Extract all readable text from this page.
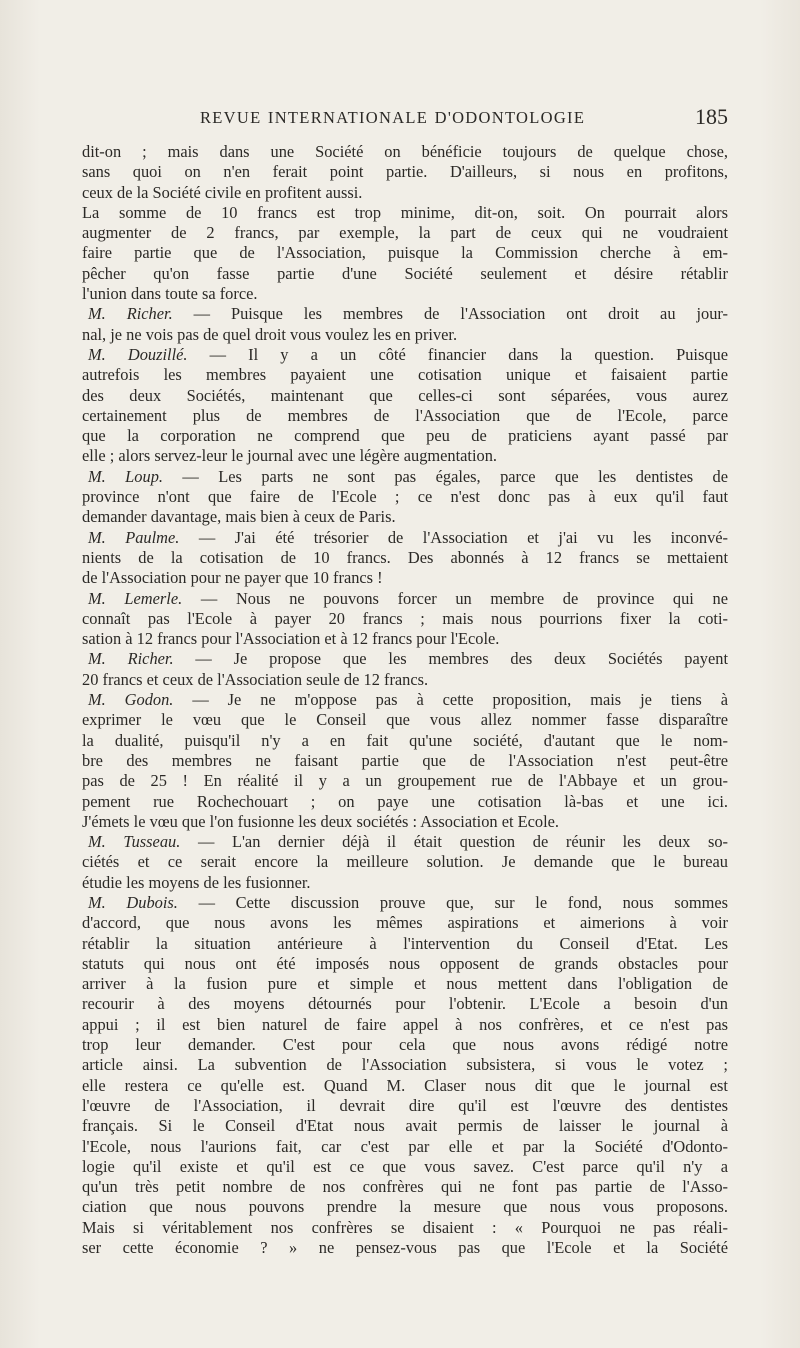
REVUE INTERNATIONALE D'ODONTOLOGIE	185
dit-on ; mais dans une Société on bénéficie toujours de quelque chose,
sans quoi on n'en ferait point partie. D'ailleurs, si nous en profitons,
ceux de la Société civile en profitent aussi.
La somme de 10 francs est trop minime, dit-on, soit. On pourrait alors
augmenter de 2 francs, par exemple, la part de ceux qui ne voudraient
faire partie que de l'Association, puisque la Commission cherche à em-
pêcher qu'on fasse partie d'une Société seulement et désire rétablir
l'union dans toute sa force.
M. Richer. — Puisque les membres de l'Association ont droit au jour-
nal, je ne vois pas de quel droit vous voulez les en priver.
M. Douzillé. — Il y a un côté financier dans la question. Puisque
autrefois les membres payaient une cotisation unique et faisaient partie
des deux Sociétés, maintenant que celles-ci sont séparées, vous aurez
certainement plus de membres de l'Association que de l'Ecole, parce
que la corporation ne comprend que peu de praticiens ayant passé par
elle ; alors servez-leur le journal avec une légère augmentation.
M. Loup. — Les parts ne sont pas égales, parce que les dentistes de
province n'ont que faire de l'Ecole ; ce n'est donc pas à eux qu'il faut
demander davantage, mais bien à ceux de Paris.
M. Paulme. — J'ai été trésorier de l'Association et j'ai vu les inconvé-
nients de la cotisation de 10 francs. Des abonnés à 12 francs se mettaient
de l'Association pour ne payer que 10 francs !
M. Lemerle. — Nous ne pouvons forcer un membre de province qui ne
connaît pas l'Ecole à payer 20 francs ; mais nous pourrions fixer la coti-
sation à 12 francs pour l'Association et à 12 francs pour l'Ecole.
M. Richer. — Je propose que les membres des deux Sociétés payent
20 francs et ceux de l'Association seule de 12 francs.
M. Godon. — Je ne m'oppose pas à cette proposition, mais je tiens à
exprimer le vœu que le Conseil que vous allez nommer fasse disparaître
la dualité, puisqu'il n'y a en fait qu'une société, d'autant que le nom-
bre des membres ne faisant partie que de l'Association n'est peut-être
pas de 25 ! En réalité il y a un groupement rue de l'Abbaye et un grou-
pement rue Rochechouart ; on paye une cotisation là-bas et une ici.
J'émets le vœu que l'on fusionne les deux sociétés : Association et Ecole.
M. Tusseau. — L'an dernier déjà il était question de réunir les deux so-
ciétés et ce serait encore la meilleure solution. Je demande que le bureau
étudie les moyens de les fusionner.
M. Dubois. — Cette discussion prouve que, sur le fond, nous sommes
d'accord, que nous avons les mêmes aspirations et aimerions à voir
rétablir la situation antérieure à l'intervention du Conseil d'Etat. Les
statuts qui nous ont été imposés nous opposent de grands obstacles pour
arriver à la fusion pure et simple et nous mettent dans l'obligation de
recourir à des moyens détournés pour l'obtenir. L'Ecole a besoin d'un
appui ; il est bien naturel de faire appel à nos confrères, et ce n'est pas
trop leur demander. C'est pour cela que nous avons rédigé notre
article ainsi. La subvention de l'Association subsistera, si vous le votez ;
elle restera ce qu'elle est. Quand M. Claser nous dit que le journal est
l'œuvre de l'Association, il devrait dire qu'il est l'œuvre des dentistes
français. Si le Conseil d'Etat nous avait permis de laisser le journal à
l'Ecole, nous l'aurions fait, car c'est par elle et par la Société d'Odonto-
logie qu'il existe et qu'il est ce que vous savez. C'est parce qu'il n'y a
qu'un très petit nombre de nos confrères qui ne font pas partie de l'Asso-
ciation que nous pouvons prendre la mesure que nous vous proposons.
Mais si véritablement nos confrères se disaient : « Pourquoi ne pas réali-
ser cette économie ? » ne pensez-vous pas que l'Ecole et la Société
